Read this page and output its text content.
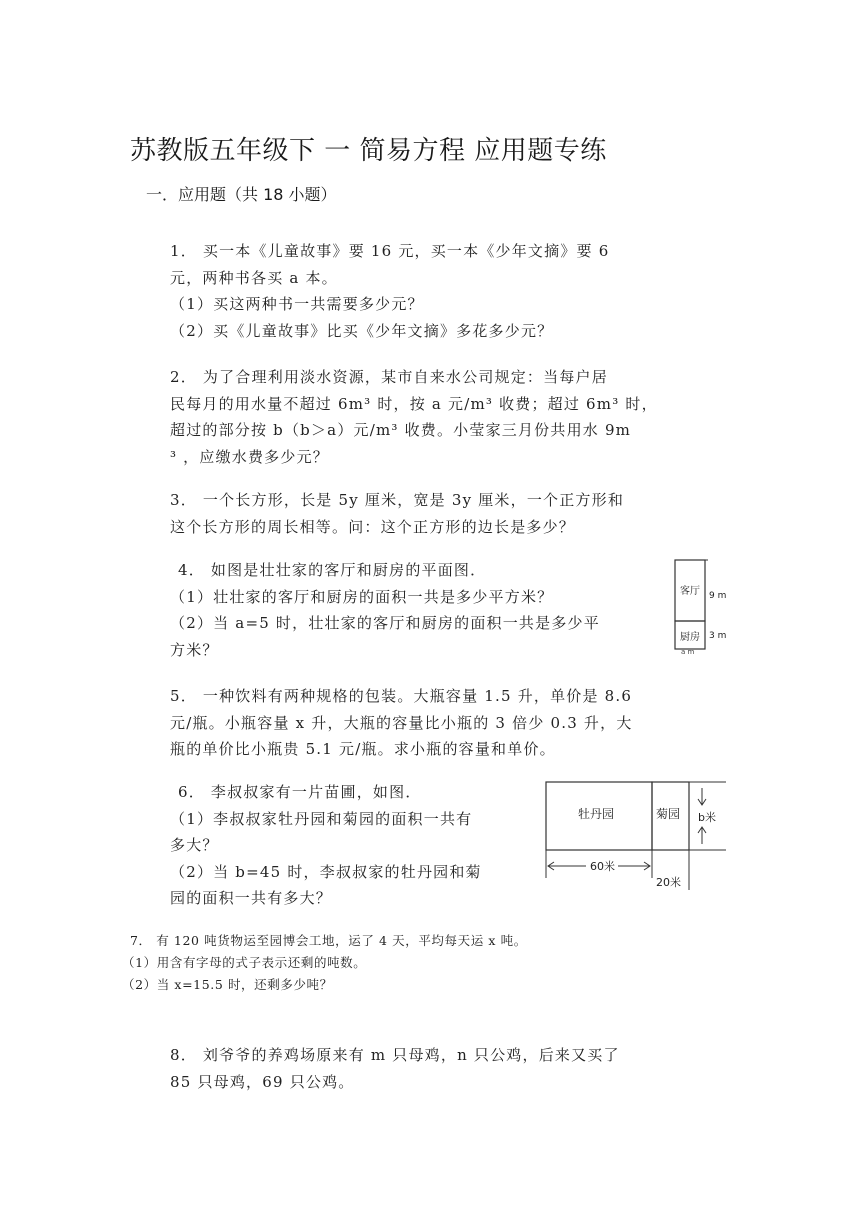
苏教版五年级下 一 简易方程 应用题专练
一．应用题（共 18 小题）
1． 买一本《儿童故事》要 16 元，买一本《少年文摘》要 6
元，两种书各买 a 本。
（1）买这两种书一共需要多少元？
（2）买《儿童故事》比买《少年文摘》多花多少元？
2． 为了合理利用淡水资源，某市自来水公司规定：当每户居
民每月的用水量不超过 6m³ 时，按 a 元/m³ 收费；超过 6m³ 时，
超过的部分按 b（b＞a）元/m³ 收费。小莹家三月份共用水 9m
³ ，应缴水费多少元？
3． 一个长方形，长是 5y 厘米，宽是 3y 厘米，一个正方形和
这个长方形的周长相等。问：这个正方形的边长是多少？
4． 如图是壮壮家的客厅和厨房的平面图．
（1）壮壮家的客厅和厨房的面积一共是多少平方米？
（2）当 a=5 时，壮壮家的客厅和厨房的面积一共是多少平
方米？
客厅
厨房
9 m
3 m
a m
5． 一种饮料有两种规格的包装。大瓶容量 1.5 升，单价是 8.6
元/瓶。小瓶容量 x 升，大瓶的容量比小瓶的 3 倍少 0.3 升，大
瓶的单价比小瓶贵 5.1 元/瓶。求小瓶的容量和单价。
6． 李叔叔家有一片苗圃，如图．
（1）李叔叔家牡丹园和菊园的面积一共有
多大？
（2）当 b=45 时，李叔叔家的牡丹园和菊
园的面积一共有多大？
牡丹园	菊园 b米
60米
20米
7． 有 120 吨货物运至园博会工地，运了 4 天，平均每天运 x 吨。
（1）用含有字母的式子表示还剩的吨数。
（2）当 x=15.5 时，还剩多少吨？
8． 刘爷爷的养鸡场原来有 m 只母鸡，n 只公鸡，后来又买了
85 只母鸡，69 只公鸡。
